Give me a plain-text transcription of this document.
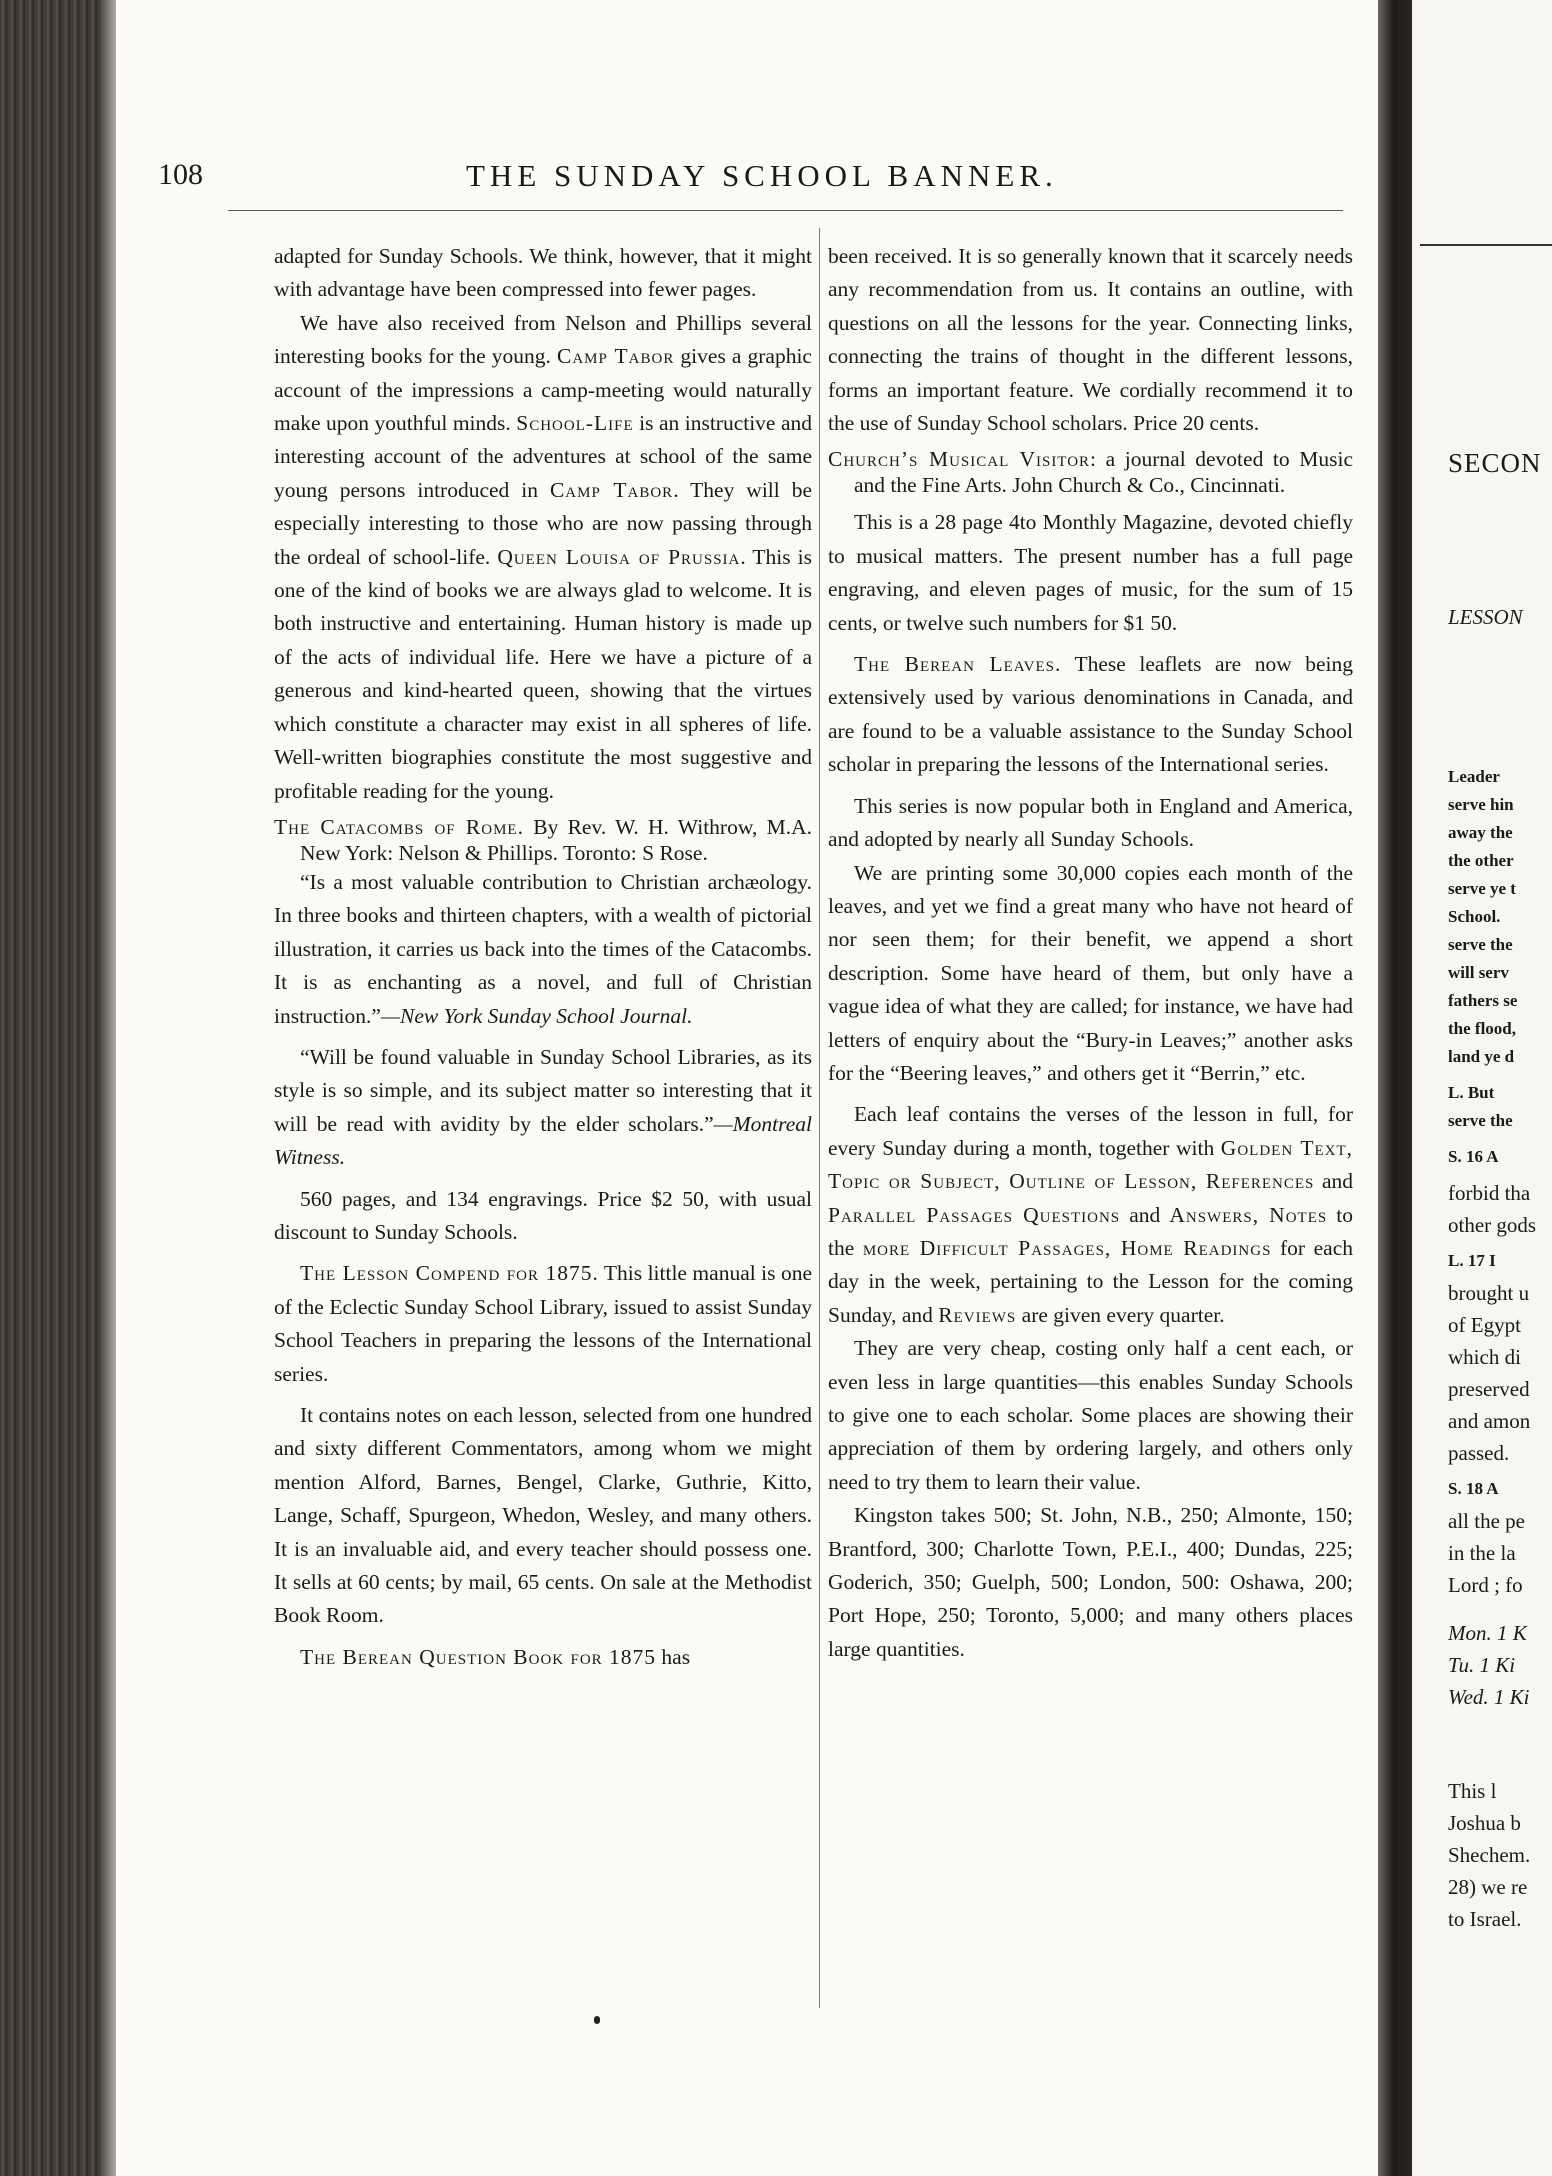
108	THE SUNDAY SCHOOL BANNER.

adapted for Sunday Schools. We think, however, that it might with advantage have been compressed into fewer pages.

We have also received from Nelson and Phillips several interesting books for the young. Camp Tabor gives a graphic account of the impressions a camp-meeting would naturally make upon youthful minds. School-Life is an instructive and interesting account of the adventures at school of the same young persons introduced in Camp Tabor. They will be especially interesting to those who are now passing through the ordeal of school-life. Queen Louisa of Prussia. This is one of the kind of books we are always glad to welcome. It is both instructive and entertaining. Human history is made up of the acts of individual life. Here we have a picture of a generous and kind-hearted queen, showing that the virtues which constitute a character may exist in all spheres of life. Well-written biographies constitute the most suggestive and profitable reading for the young.

The Catacombs of Rome. By Rev. W. H. Withrow, M.A. New York: Nelson & Phillips. Toronto: S Rose.

“Is a most valuable contribution to Christian archæology. In three books and thirteen chapters, with a wealth of pictorial illustration, it carries us back into the times of the Catacombs. It is as enchanting as a novel, and full of Christian instruction.”—New York Sunday School Journal.

“Will be found valuable in Sunday School Libraries, as its style is so simple, and its subject matter so interesting that it will be read with avidity by the elder scholars.”—Montreal Witness.

560 pages, and 134 engravings. Price $2 50, with usual discount to Sunday Schools.

The Lesson Compend for 1875. This little manual is one of the Eclectic Sunday School Library, issued to assist Sunday School Teachers in preparing the lessons of the International series.

It contains notes on each lesson, selected from one hundred and sixty different Commentators, among whom we might mention Alford, Barnes, Bengel, Clarke, Guthrie, Kitto, Lange, Schaff, Spurgeon, Whedon, Wesley, and many others. It is an invaluable aid, and every teacher should possess one. It sells at 60 cents; by mail, 65 cents. On sale at the Methodist Book Room.

The Berean Question Book for 1875 has

been received. It is so generally known that it scarcely needs any recommendation from us. It contains an outline, with questions on all the lessons for the year. Connecting links, connecting the trains of thought in the different lessons, forms an important feature. We cordially recommend it to the use of Sunday School scholars. Price 20 cents.

Church’s Musical Visitor: a journal devoted to Music and the Fine Arts. John Church & Co., Cincinnati.

This is a 28 page 4to Monthly Magazine, devoted chiefly to musical matters. The present number has a full page engraving, and eleven pages of music, for the sum of 15 cents, or twelve such numbers for $1 50.

The Berean Leaves. These leaflets are now being extensively used by various denominations in Canada, and are found to be a valuable assistance to the Sunday School scholar in preparing the lessons of the International series.

This series is now popular both in England and America, and adopted by nearly all Sunday Schools.

We are printing some 30,000 copies each month of the leaves, and yet we find a great many who have not heard of nor seen them; for their benefit, we append a short description. Some have heard of them, but only have a vague idea of what they are called; for instance, we have had letters of enquiry about the “Bury-in Leaves;” another asks for the “Beering leaves,” and others get it “Berrin,” etc.

Each leaf contains the verses of the lesson in full, for every Sunday during a month, together with Golden Text, Topic or Subject, Outline of Lesson, References and Parallel Passages Questions and Answers, Notes to the more Difficult Passages, Home Readings for each day in the week, pertaining to the Lesson for the coming Sunday, and Reviews are given every quarter.

They are very cheap, costing only half a cent each, or even less in large quantities—this enables Sunday Schools to give one to each scholar. Some places are showing their appreciation of them by ordering largely, and others only need to try them to learn their value.

Kingston takes 500; St. John, N.B., 250; Almonte, 150; Brantford, 300; Charlotte Town, P.E.I., 400; Dundas, 225; Goderich, 350; Guelph, 500; London, 500: Oshawa, 200; Port Hope, 250; Toronto, 5,000; and many others places large quantities.

SECON
LESSON
Leader
serve hin
away the
the other
serve ye t
School.
serve the
will serv
fathers se
the flood,
land ye d
L. But
serve the
S. 16 A
forbid tha
other gods
L. 17 I
brought u
of Egypt
which di
preserved
and amon
passed.
S. 18 A
all the pe
in the la
Lord ; fo
Mon. 1 K
Tu. 1 Ki
Wed. 1 Ki
This l
Joshua b
Shechem.
28) we re
to Israel.
